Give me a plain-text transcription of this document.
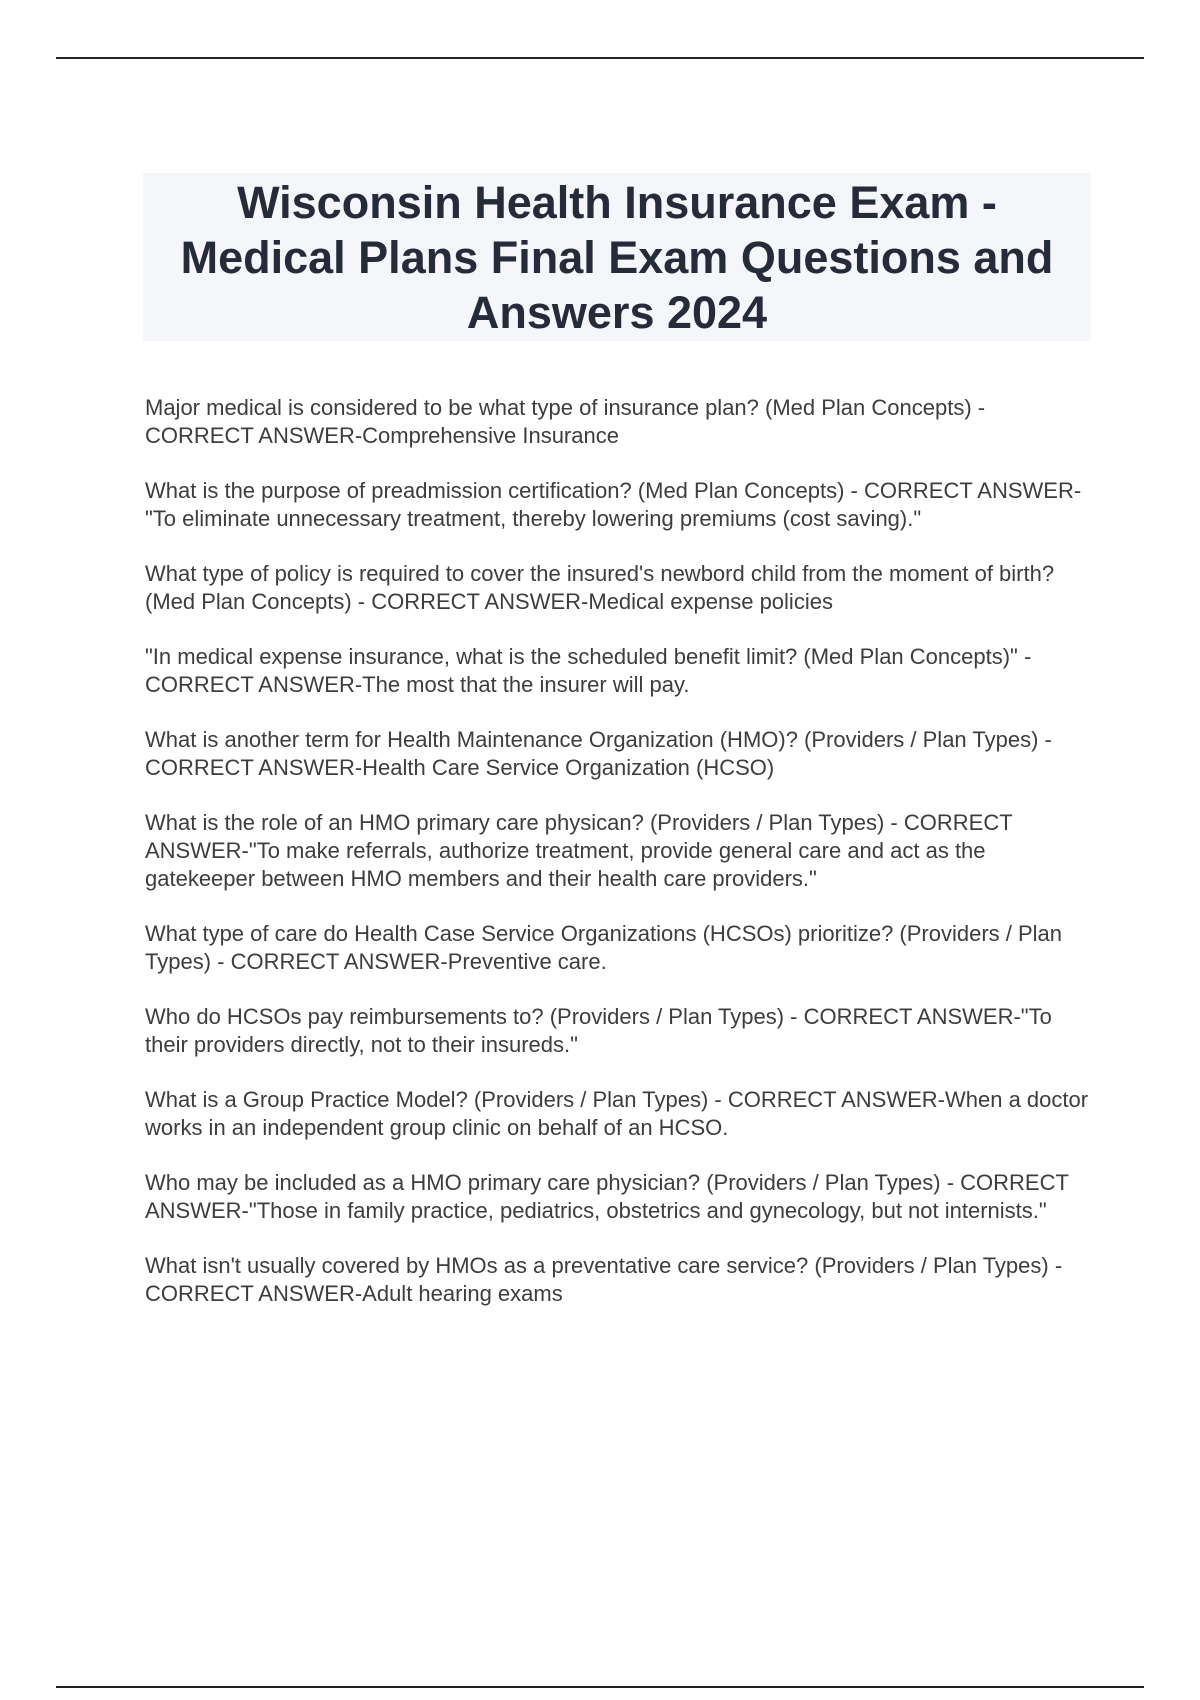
Wisconsin Health Insurance Exam -
Medical Plans Final Exam Questions and
Answers 2024
Major medical is considered to be what type of insurance plan? (Med Plan Concepts) - CORRECT ANSWER-Comprehensive Insurance
What is the purpose of preadmission certification? (Med Plan Concepts) - CORRECT ANSWER-"To eliminate unnecessary treatment, thereby lowering premiums (cost saving)."
What type of policy is required to cover the insured's newbord child from the moment of birth? (Med Plan Concepts) - CORRECT ANSWER-Medical expense policies
"In medical expense insurance, what is the scheduled benefit limit? (Med Plan Concepts)" - CORRECT ANSWER-The most that the insurer will pay.
What is another term for Health Maintenance Organization (HMO)? (Providers / Plan Types) - CORRECT ANSWER-Health Care Service Organization (HCSO)
What is the role of an HMO primary care physican? (Providers / Plan Types) - CORRECT ANSWER-"To make referrals, authorize treatment, provide general care and act as the gatekeeper between HMO members and their health care providers."
What type of care do Health Case Service Organizations (HCSOs) prioritize? (Providers / Plan Types) - CORRECT ANSWER-Preventive care.
Who do HCSOs pay reimbursements to? (Providers / Plan Types) - CORRECT ANSWER-"To their providers directly, not to their insureds."
What is a Group Practice Model? (Providers / Plan Types) - CORRECT ANSWER-When a doctor works in an independent group clinic on behalf of an HCSO.
Who may be included as a HMO primary care physician? (Providers / Plan Types) - CORRECT ANSWER-"Those in family practice, pediatrics, obstetrics and gynecology, but not internists."
What isn't usually covered by HMOs as a preventative care service? (Providers / Plan Types) - CORRECT ANSWER-Adult hearing exams
